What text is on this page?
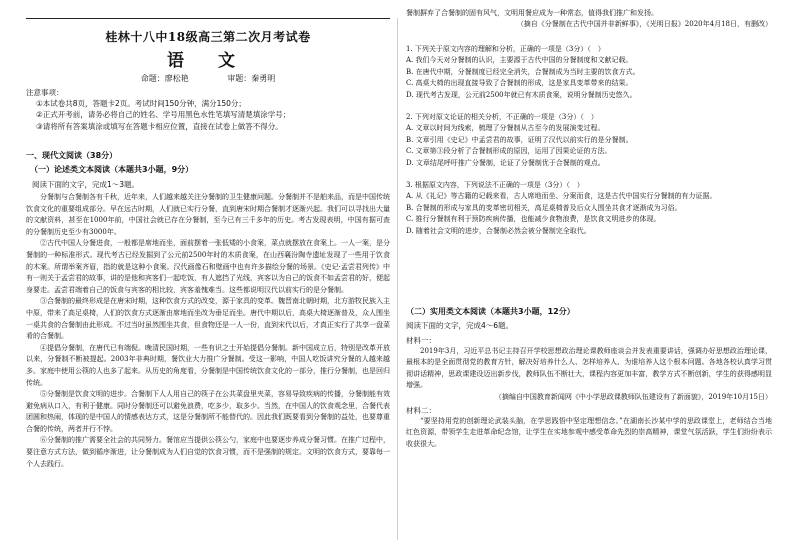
桂林十八中18级高三第二次月考试卷
语 文
命题：廖松艳	审题：秦勇明
注意事项：
①本试卷共8页，答题卡2页。考试时间150分钟，满分150分；
②正式开考前，请务必将自己的姓名、学号用黑色水性笔填写清楚填涂学号；
③请将所有答案填涂或填写在答题卡相应位置，直接在试卷上做答不得分。
一、现代文阅读（38分）
（一）论述类文本阅读（本题共3小题，9分）
阅读下面的文字，完成1～3题。

分餐制与合餐制各有千秋，近年来，人们越来越关注分餐制的卫生健康问题。分餐制并不是舶来品，而是中国传统饮食文化的重要组成部分。早在远古时期，人们就已实行分餐，直到唐宋时期合餐制才逐渐兴起。我们可以寻找出大量的文献资料，甚至在1000年前，中国社会就已存在分餐制，至今已有三千多年的历史。考古发现表明，中国有据可查的分餐制历史至少有3000年。

②古代中国人分餐进食，一般都是席地而坐，面前摆着一张低矮的小食案，菜点就摆放在食案上。一人一案，是分餐制的一种标准形式。现代考古已经发掘到了公元前2500年时的木质食案，在山西襄汾陶寺遗址发现了一些用于饮食的木案。所谓举案齐眉，指的就是这种小食案。汉代画像石和壁画中也有许多描绘分餐的场景。《史记·孟尝君列传》中有一则关于孟尝君的故事，讲的是他和宾客们一起吃饭，有人遮挡了光线，宾客以为自己的饭食不如孟尝君的好，便起身要走。孟尝君端着自己的饭食与宾客的相比较，宾客羞愧难当。这些都说明汉代以前实行的是分餐制。

③合餐制的最终形成是在唐宋时期，这种饮食方式的改变，源于家具的变革。魏晋南北朝时期，北方游牧民族入主中原，带来了高足桌椅，人们的饮食方式逐渐由席地而坐改为垂足而坐。唐代中期以后，高桌大椅逐渐普及，众人围坐一桌共食的合餐制由此形成。不过当时虽然围坐共食，但食物还是一人一份，直到宋代以后，才真正实行了共享一盘菜肴的合餐制。

④提倡分餐制，在唐代已有端倪。晚清民国时期，一些有识之士开始提倡分餐制。新中国成立后，特别是改革开放以来，分餐制不断被提起。2003年非典时期，餐饮业大力推广分餐制。受这一影响，中国人吃饭讲究分餐的人越来越多。家庭中使用公筷的人也多了起来。从历史的角度看，分餐制是中国传统饮食文化的一部分，推行分餐制，也是回归传统。

⑤分餐制是饮食文明的进步。合餐制下人人用自己的筷子在公共菜盘里夹菜，容易导致疾病的传播，分餐制能有效避免病从口入，有利于健康。同时分餐制还可以避免浪费，吃多少，取多少。当然，在中国人的饮食观念里，合餐代表团圆和热闹，体现的是中国人的情感表达方式，这是分餐制所不能替代的。因此我们既要看到分餐制的益处，也要尊重合餐的传统，两者并行不悖。

⑥分餐制的推广需要全社会的共同努力。餐馆应当提供公筷公勺，家庭中也要逐步养成分餐习惯。在推广过程中，要注意方式方法，做到循序渐进，让分餐制成为人们自觉的饮食习惯，而不是强制的规定。文明的饮食方式，要靠每一个人去践行。

餐制摒弃了合餐制的固有风气，文明用餐应成为一种常态，值得我们推广和发扬。

（摘自《分餐制在古代中国并非新鲜事》，《光明日报》2020年4月18日，有删改）

1. 下列关于原文内容的理解和分析，正确的一项是（3分）（　）

A. 我们今天对分餐制的认识，主要源于古代中国的分餐制度和文献记载。

B. 在唐代中期，分餐制度已经完全消失，合餐制成为当时主要的饮食方式。

C. 高桌大椅的出现直接导致了合餐制的形成，这是家具变革带来的结果。

D. 现代考古发现，公元前2500年就已有木质食案，说明分餐制历史悠久。

2. 下列对原文论证的相关分析，不正确的一项是（3分）（　）

A. 文章以时间为线索，梳理了分餐制从古至今的发展演变过程。

B. 文章引用《史记》中孟尝君的故事，证明了汉代以前实行的是分餐制。

C. 文章第③段分析了合餐制形成的原因，运用了因果论证的方法。

D. 文章结尾呼吁推广分餐制，论证了分餐制优于合餐制的观点。

3. 根据原文内容，下列说法不正确的一项是（3分）（　）

A. 从《礼记》等古籍的记载来看，古人席地而坐、分案而食，这是古代中国实行分餐制的有力证据。

B. 合餐制的形成与家具的变革密切相关，高足桌椅普及后众人围坐共食才逐渐成为习俗。

C. 推行分餐制有利于预防疾病传播，也能减少食物浪费，是饮食文明进步的体现。

D. 随着社会文明的进步，合餐制必然会被分餐制完全取代。

（二）实用类文本阅读（本题共3小题，12分）

阅读下面的文字，完成4～6题。

材料一：

2019年3月，习近平总书记主持召开学校思想政治理论课教师座谈会并发表重要讲话，强调办好思想政治理论课，最根本的是全面贯彻党的教育方针，解决好培养什么人、怎样培养人、为谁培养人这个根本问题。各地各校认真学习贯彻讲话精神，思政课建设迈出新步伐，教师队伍不断壮大，课程内容更加丰富，教学方式不断创新，学生的获得感明显增强。

（摘编自中国教育新闻网《中小学思政课教师队伍建设有了新面貌》，2019年10月15日）

材料二：

“要坚持用党的创新理论武装头脑，在学思践悟中坚定理想信念。”在湖南长沙某中学的思政课堂上，老师结合当地红色资源，带领学生走进革命纪念馆，让学生在实地参观中感受革命先烈的崇高精神，课堂气氛活跃，学生们纷纷表示收获很大。
